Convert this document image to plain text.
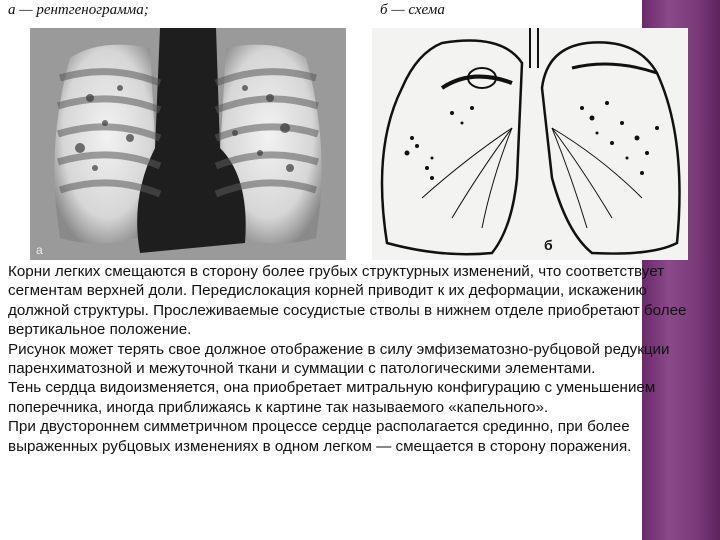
а — рентгенограмма;	б — схема
а	б

Корни легких смещаются в сторону более грубых структурных изменений, что соответствует сегментам верхней доли. Передислокация корней приводит к их деформации, искажению должной структуры. Прослеживаемые сосудистые стволы в нижнем отделе приобретают более вертикальное положение.

Рисунок может терять свое должное отображение в силу эмфизематозно-рубцовой редукции паренхиматозной и межуточной ткани и суммации с патологическими элементами.

Тень сердца видоизменяется, она приобретает митральную конфигурацию с уменьшением поперечника, иногда приближаясь к картине так называемого «капельного».

При двустороннем симметричном процессе сердце располагается срединно, при более выраженных рубцовых изменениях в одном легком — смещается в сторону поражения.
